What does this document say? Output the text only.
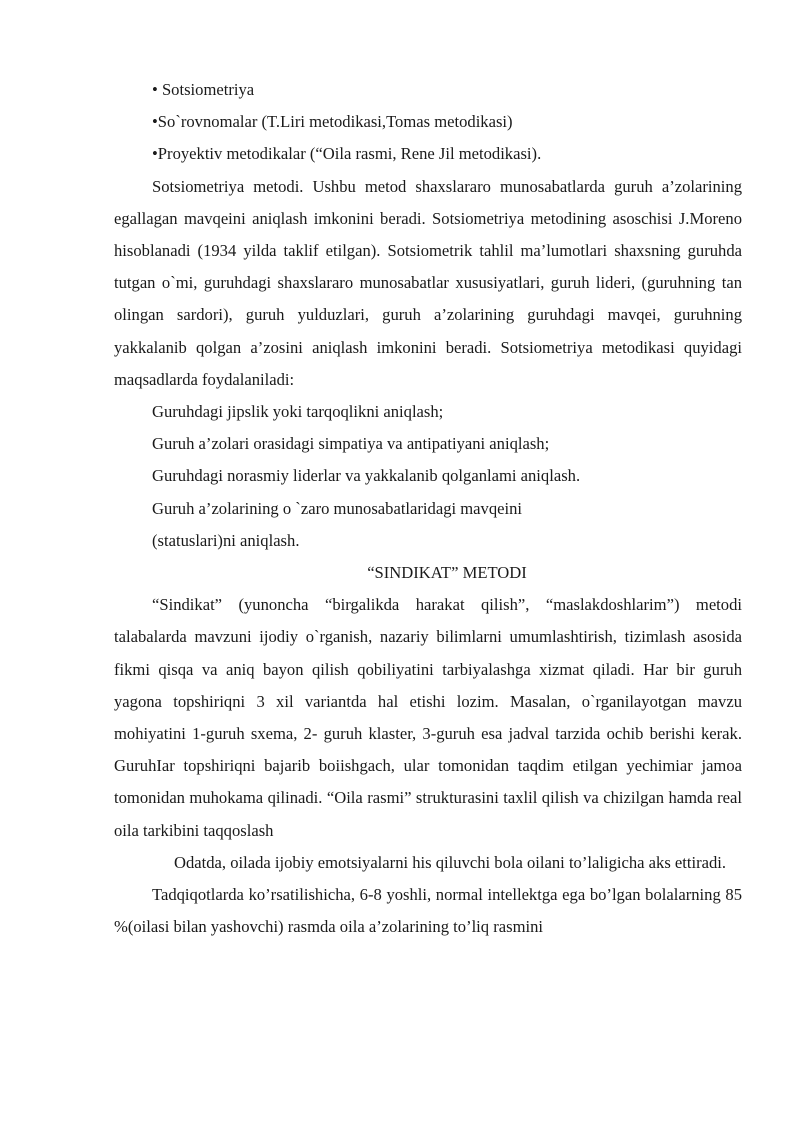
• Sotsiometriya

•So`rovnomalar (T.Liri metodikasi,Tomas metodikasi)

•Proyektiv metodikalar (“Oila rasmi, Rene Jil metodikasi).

Sotsiometriya metodi. Ushbu metod shaxslararo munosabatlarda guruh a’zolarining egallagan mavqeini aniqlash imkonini beradi. Sotsiometriya metodining asoschisi J.Moreno hisoblanadi (1934 yilda taklif etilgan). Sotsiometrik tahlil ma’lumotlari shaxsning guruhda tutgan o`mi, guruhdagi shaxslararo munosabatlar xususiyatlari, guruh lideri, (guruhning tan olingan sardori), guruh yulduzlari, guruh a’zolarining guruhdagi mavqei, guruhning yakkalanib qolgan a’zosini aniqlash imkonini beradi. Sotsiometriya metodikasi quyidagi maqsadlarda foydalaniladi:

Guruhdagi jipslik yoki tarqoqlikni aniqlash;

Guruh a’zolari orasidagi simpatiya va antipatiyani aniqlash;

Guruhdagi norasmiy liderlar va yakkalanib qolganlami aniqlash.

Guruh a’zolarining o `zaro munosabatlaridagi mavqeini

(statuslari)ni aniqlash.

“SINDIKAT” METODI

“Sindikat” (yunoncha “birgalikda harakat qilish”, “maslakdoshlarim”) metodi talabalarda mavzuni ijodiy o`rganish, nazariy bilimlarni umumlashtirish, tizimlash asosida fikmi qisqa va aniq bayon qilish qobiliyatini tarbiyalashga xizmat qiladi. Har bir guruh yagona topshiriqni 3 xil variantda hal etishi lozim. Masalan, o`rganilayotgan mavzu mohiyatini 1-guruh sxema, 2- guruh klaster, 3-guruh esa jadval tarzida ochib berishi kerak. GuruhIar topshiriqni bajarib boiishgach, ular tomonidan taqdim etilgan yechimiar jamoa tomonidan muhokama qilinadi. “Oila rasmi” strukturasini taxlil qilish va chizilgan hamda real oila tarkibini taqqoslash

Odatda, oilada ijobiy emotsiyalarni his qiluvchi bola oilani to’laligicha aks ettiradi.

Tadqiqotlarda ko’rsatilishicha, 6-8 yoshli, normal intellektga ega bo’lgan bolalarning 85 %(oilasi bilan yashovchi) rasmda oila a’zolarining to’liq rasmini
